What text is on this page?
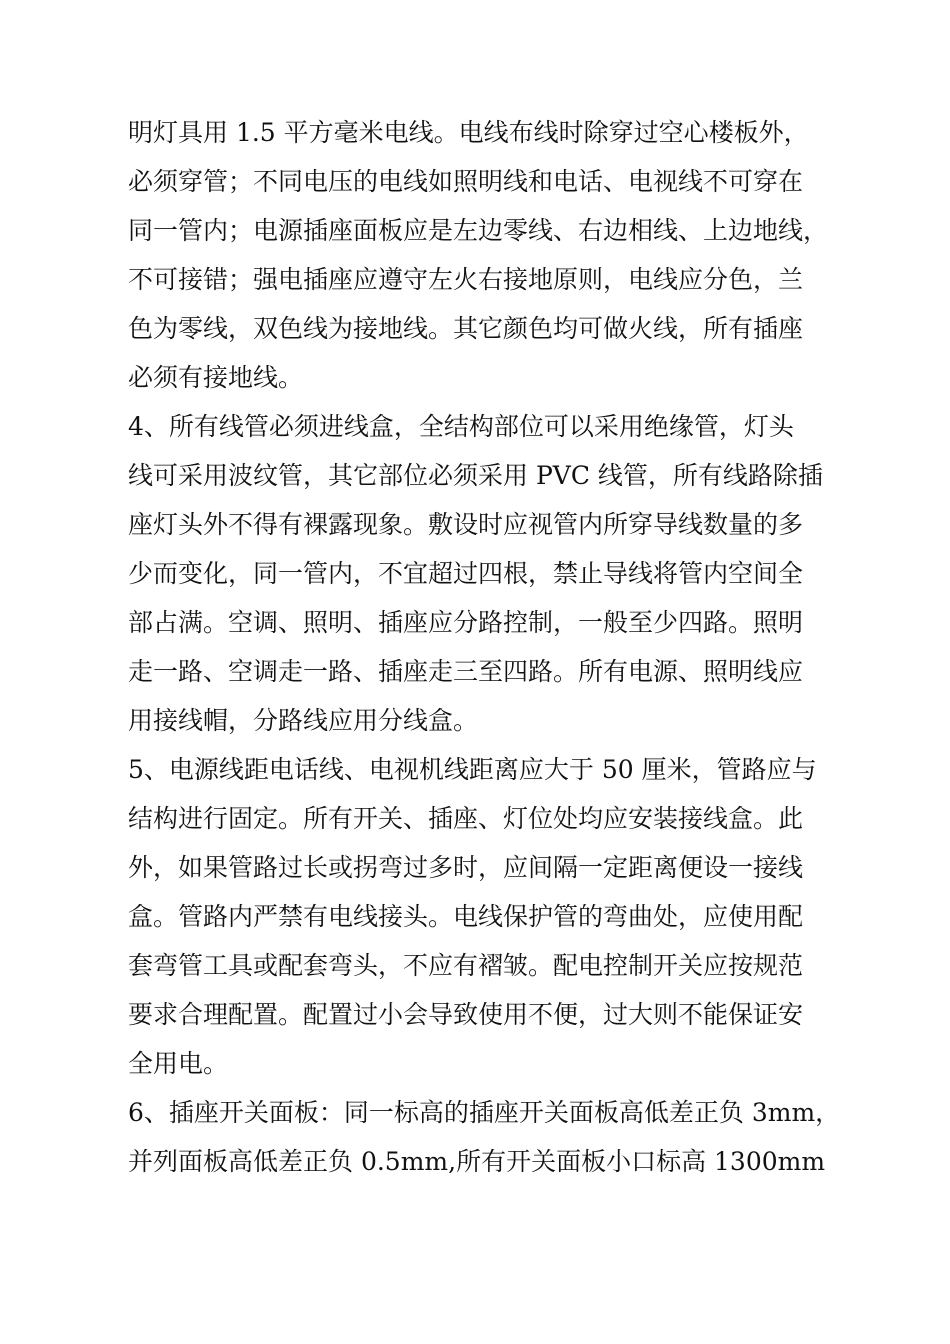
明灯具用 1.5 平方毫米电线。电线布线时除穿过空心楼板外，
必须穿管；不同电压的电线如照明线和电话、电视线不可穿在
同一管内；电源插座面板应是左边零线、右边相线、上边地线，
不可接错；强电插座应遵守左火右接地原则，电线应分色，兰
色为零线，双色线为接地线。其它颜色均可做火线，所有插座
必须有接地线。
4、所有线管必须进线盒，全结构部位可以采用绝缘管，灯头
线可采用波纹管，其它部位必须采用 PVC 线管，所有线路除插
座灯头外不得有裸露现象。敷设时应视管内所穿导线数量的多
少而变化，同一管内，不宜超过四根，禁止导线将管内空间全
部占满。空调、照明、插座应分路控制，一般至少四路。照明
走一路、空调走一路、插座走三至四路。所有电源、照明线应
用接线帽，分路线应用分线盒。
5、电源线距电话线、电视机线距离应大于 50 厘米，管路应与
结构进行固定。所有开关、插座、灯位处均应安装接线盒。此
外，如果管路过长或拐弯过多时，应间隔一定距离便设一接线
盒。管路内严禁有电线接头。电线保护管的弯曲处，应使用配
套弯管工具或配套弯头，不应有褶皱。配电控制开关应按规范
要求合理配置。配置过小会导致使用不便，过大则不能保证安
全用电。
6、插座开关面板：同一标高的插座开关面板高低差正负 3mm，
并列面板高低差正负 0.5mm,所有开关面板小口标高 1300mm
